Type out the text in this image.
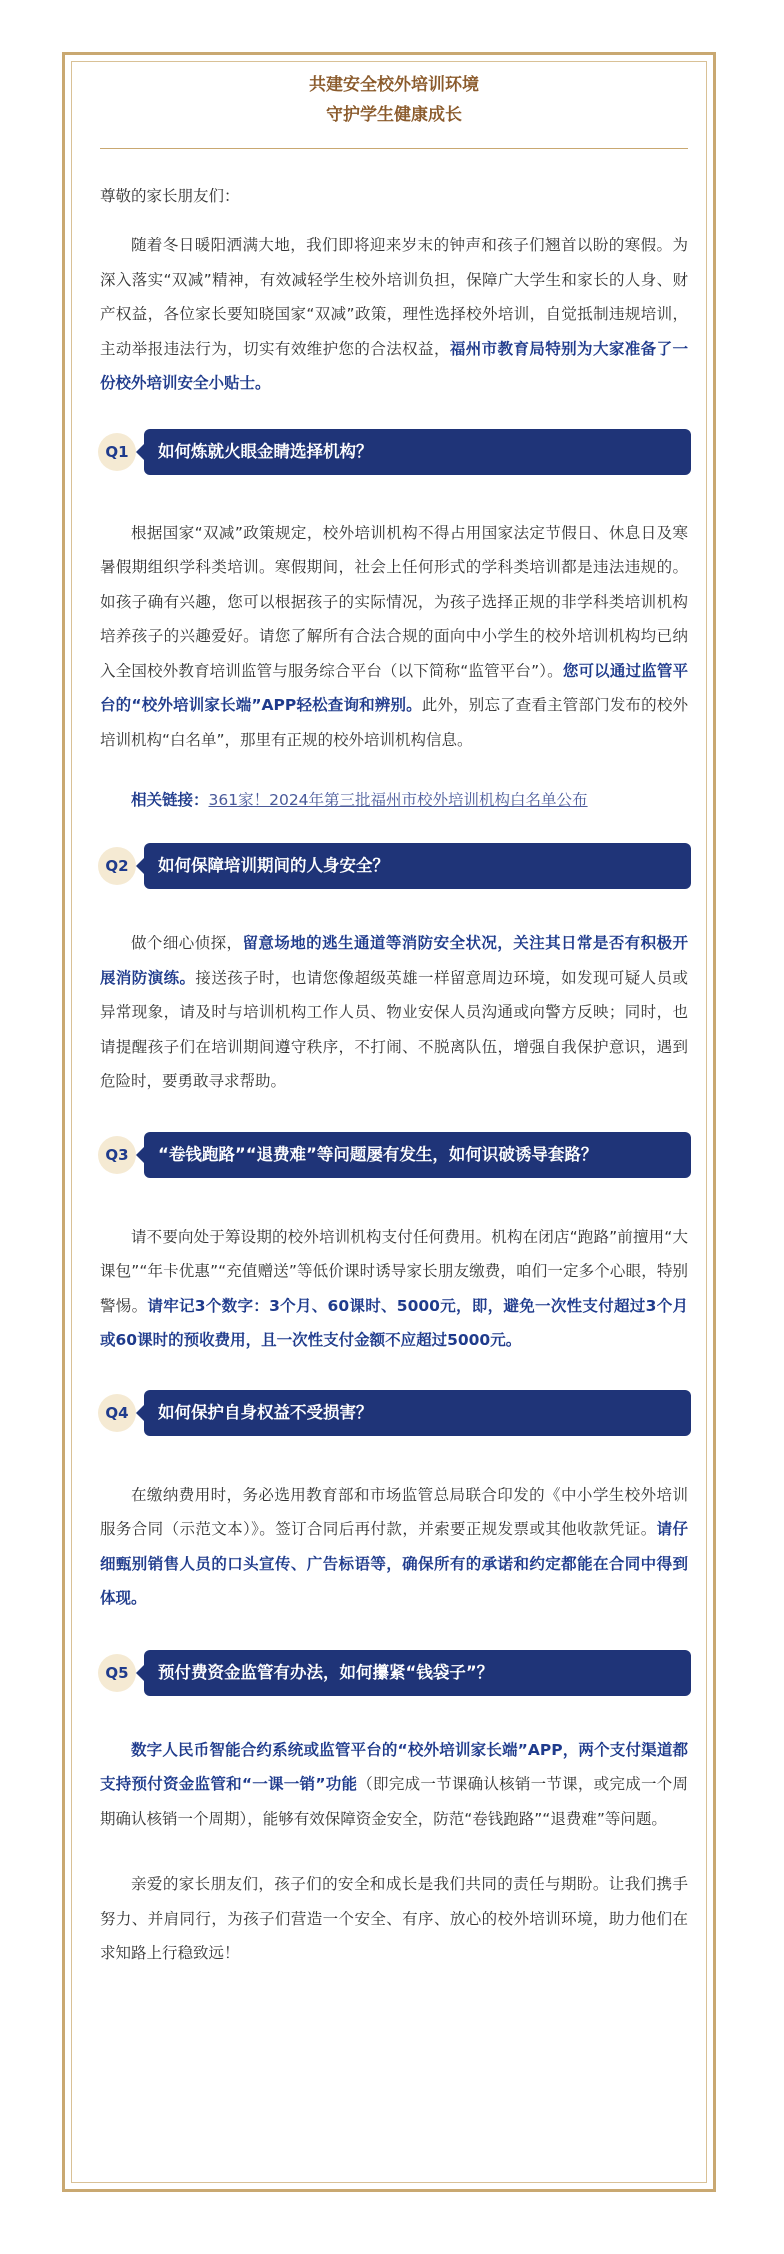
共建安全校外培训环境
守护学生健康成长
尊敬的家长朋友们：

随着冬日暖阳洒满大地，我们即将迎来岁末的钟声和孩子们翘首以盼的寒假。为深入落实“双减”精神，有效减轻学生校外培训负担，保障广大学生和家长的人身、财产权益，各位家长要知晓国家“双减”政策，理性选择校外培训，自觉抵制违规培训，主动举报违法行为，切实有效维护您的合法权益，福州市教育局特别为大家准备了一份校外培训安全小贴士。

Q1	如何炼就火眼金睛选择机构？

根据国家“双减”政策规定，校外培训机构不得占用国家法定节假日、休息日及寒暑假期组织学科类培训。寒假期间，社会上任何形式的学科类培训都是违法违规的。如孩子确有兴趣，您可以根据孩子的实际情况，为孩子选择正规的非学科类培训机构培养孩子的兴趣爱好。请您了解所有合法合规的面向中小学生的校外培训机构均已纳入全国校外教育培训监管与服务综合平台（以下简称“监管平台”）。您可以通过监管平台的“校外培训家长端”APP轻松查询和辨别。此外，别忘了查看主管部门发布的校外培训机构“白名单”，那里有正规的校外培训机构信息。

相关链接：361家！2024年第三批福州市校外培训机构白名单公布
Q2	如何保障培训期间的人身安全？

做个细心侦探，留意场地的逃生通道等消防安全状况，关注其日常是否有积极开展消防演练。接送孩子时，也请您像超级英雄一样留意周边环境，如发现可疑人员或异常现象，请及时与培训机构工作人员、物业安保人员沟通或向警方反映；同时，也请提醒孩子们在培训期间遵守秩序，不打闹、不脱离队伍，增强自我保护意识，遇到危险时，要勇敢寻求帮助。

Q3	“卷钱跑路”“退费难”等问题屡有发生，如何识破诱导套路？

请不要向处于筹设期的校外培训机构支付任何费用。机构在闭店“跑路”前擅用“大课包”“年卡优惠”“充值赠送”等低价课时诱导家长朋友缴费，咱们一定多个心眼，特别警惕。请牢记3个数字：3个月、60课时、5000元，即，避免一次性支付超过3个月或60课时的预收费用，且一次性支付金额不应超过5000元。

Q4	如何保护自身权益不受损害？

在缴纳费用时，务必选用教育部和市场监管总局联合印发的《中小学生校外培训服务合同（示范文本）》。签订合同后再付款，并索要正规发票或其他收款凭证。请仔细甄别销售人员的口头宣传、广告标语等，确保所有的承诺和约定都能在合同中得到体现。

Q5	预付费资金监管有办法，如何攥紧“钱袋子”？

数字人民币智能合约系统或监管平台的“校外培训家长端”APP，两个支付渠道都支持预付资金监管和“一课一销”功能（即完成一节课确认核销一节课，或完成一个周期确认核销一个周期），能够有效保障资金安全，防范“卷钱跑路”“退费难”等问题。

亲爱的家长朋友们，孩子们的安全和成长是我们共同的责任与期盼。让我们携手努力、并肩同行，为孩子们营造一个安全、有序、放心的校外培训环境，助力他们在求知路上行稳致远！
